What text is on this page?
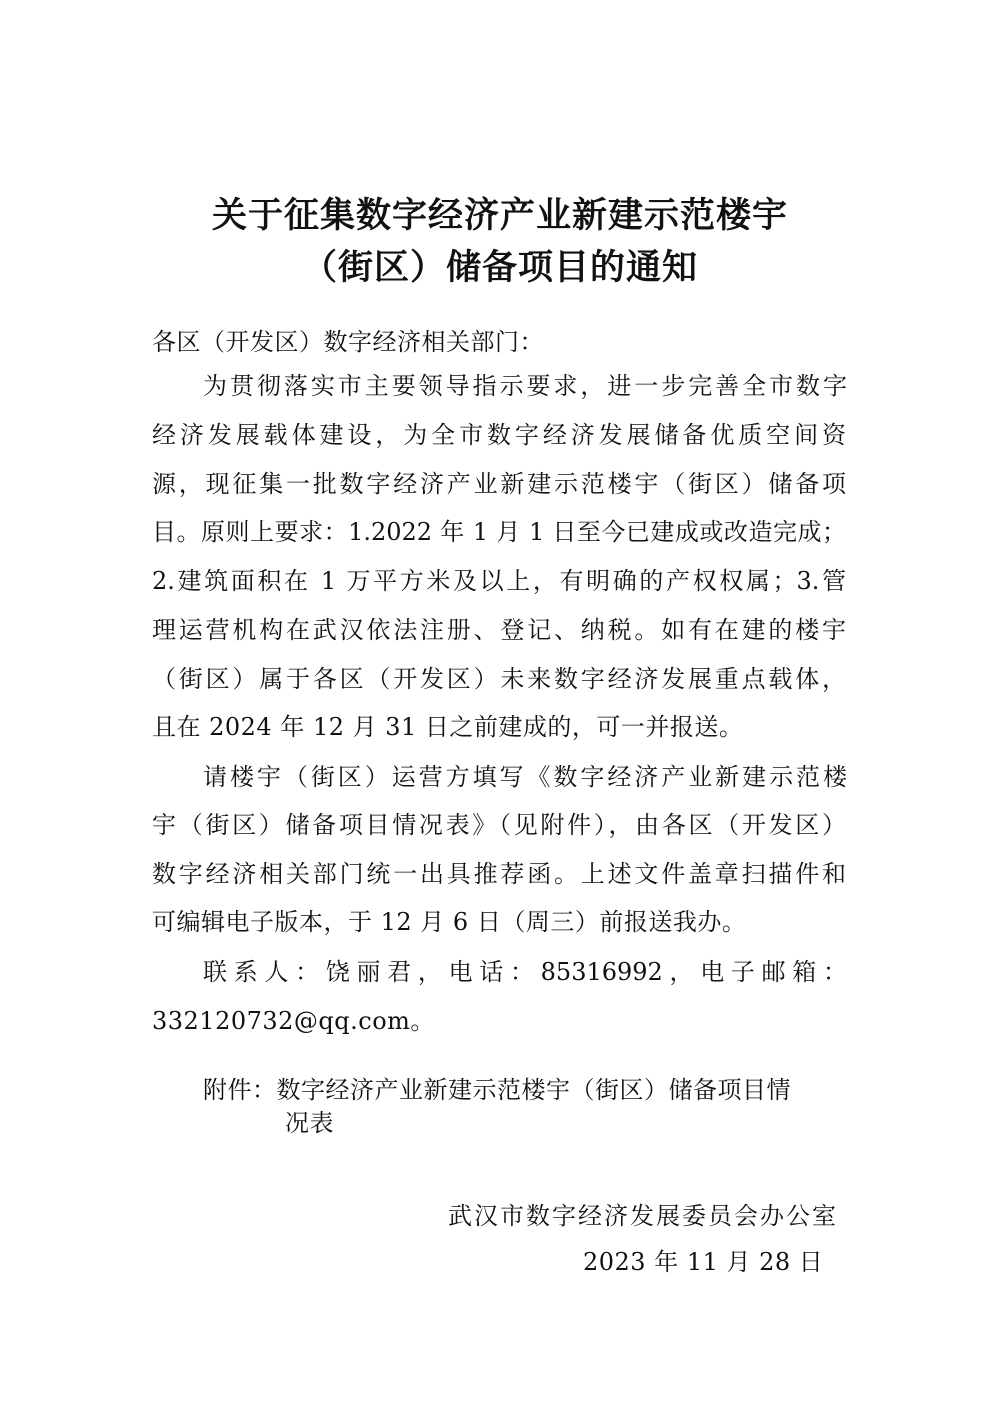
关于征集数字经济产业新建示范楼宇
（街区）储备项目的通知
各区（开发区）数字经济相关部门：
为贯彻落实市主要领导指示要求，进一步完善全市数字
经济发展载体建设，为全市数字经济发展储备优质空间资
源，现征集一批数字经济产业新建示范楼宇（街区）储备项
目。原则上要求：1.2022 年 1 月 1 日至今已建成或改造完成；
2.建筑面积在 1 万平方米及以上，有明确的产权权属；3.管
理运营机构在武汉依法注册、登记、纳税。如有在建的楼宇
（街区）属于各区（开发区）未来数字经济发展重点载体，
且在 2024 年 12 月 31 日之前建成的，可一并报送。
请楼宇（街区）运营方填写《数字经济产业新建示范楼
宇（街区）储备项目情况表》（见附件），由各区（开发区）
数字经济相关部门统一出具推荐函。上述文件盖章扫描件和
可编辑电子版本，于 12 月 6 日（周三）前报送我办。
联系人：饶丽君，电话：85316992，电子邮箱：
332120732@qq.com。
附件：数字经济产业新建示范楼宇（街区）储备项目情
况表
武汉市数字经济发展委员会办公室
2023 年 11 月 28 日
